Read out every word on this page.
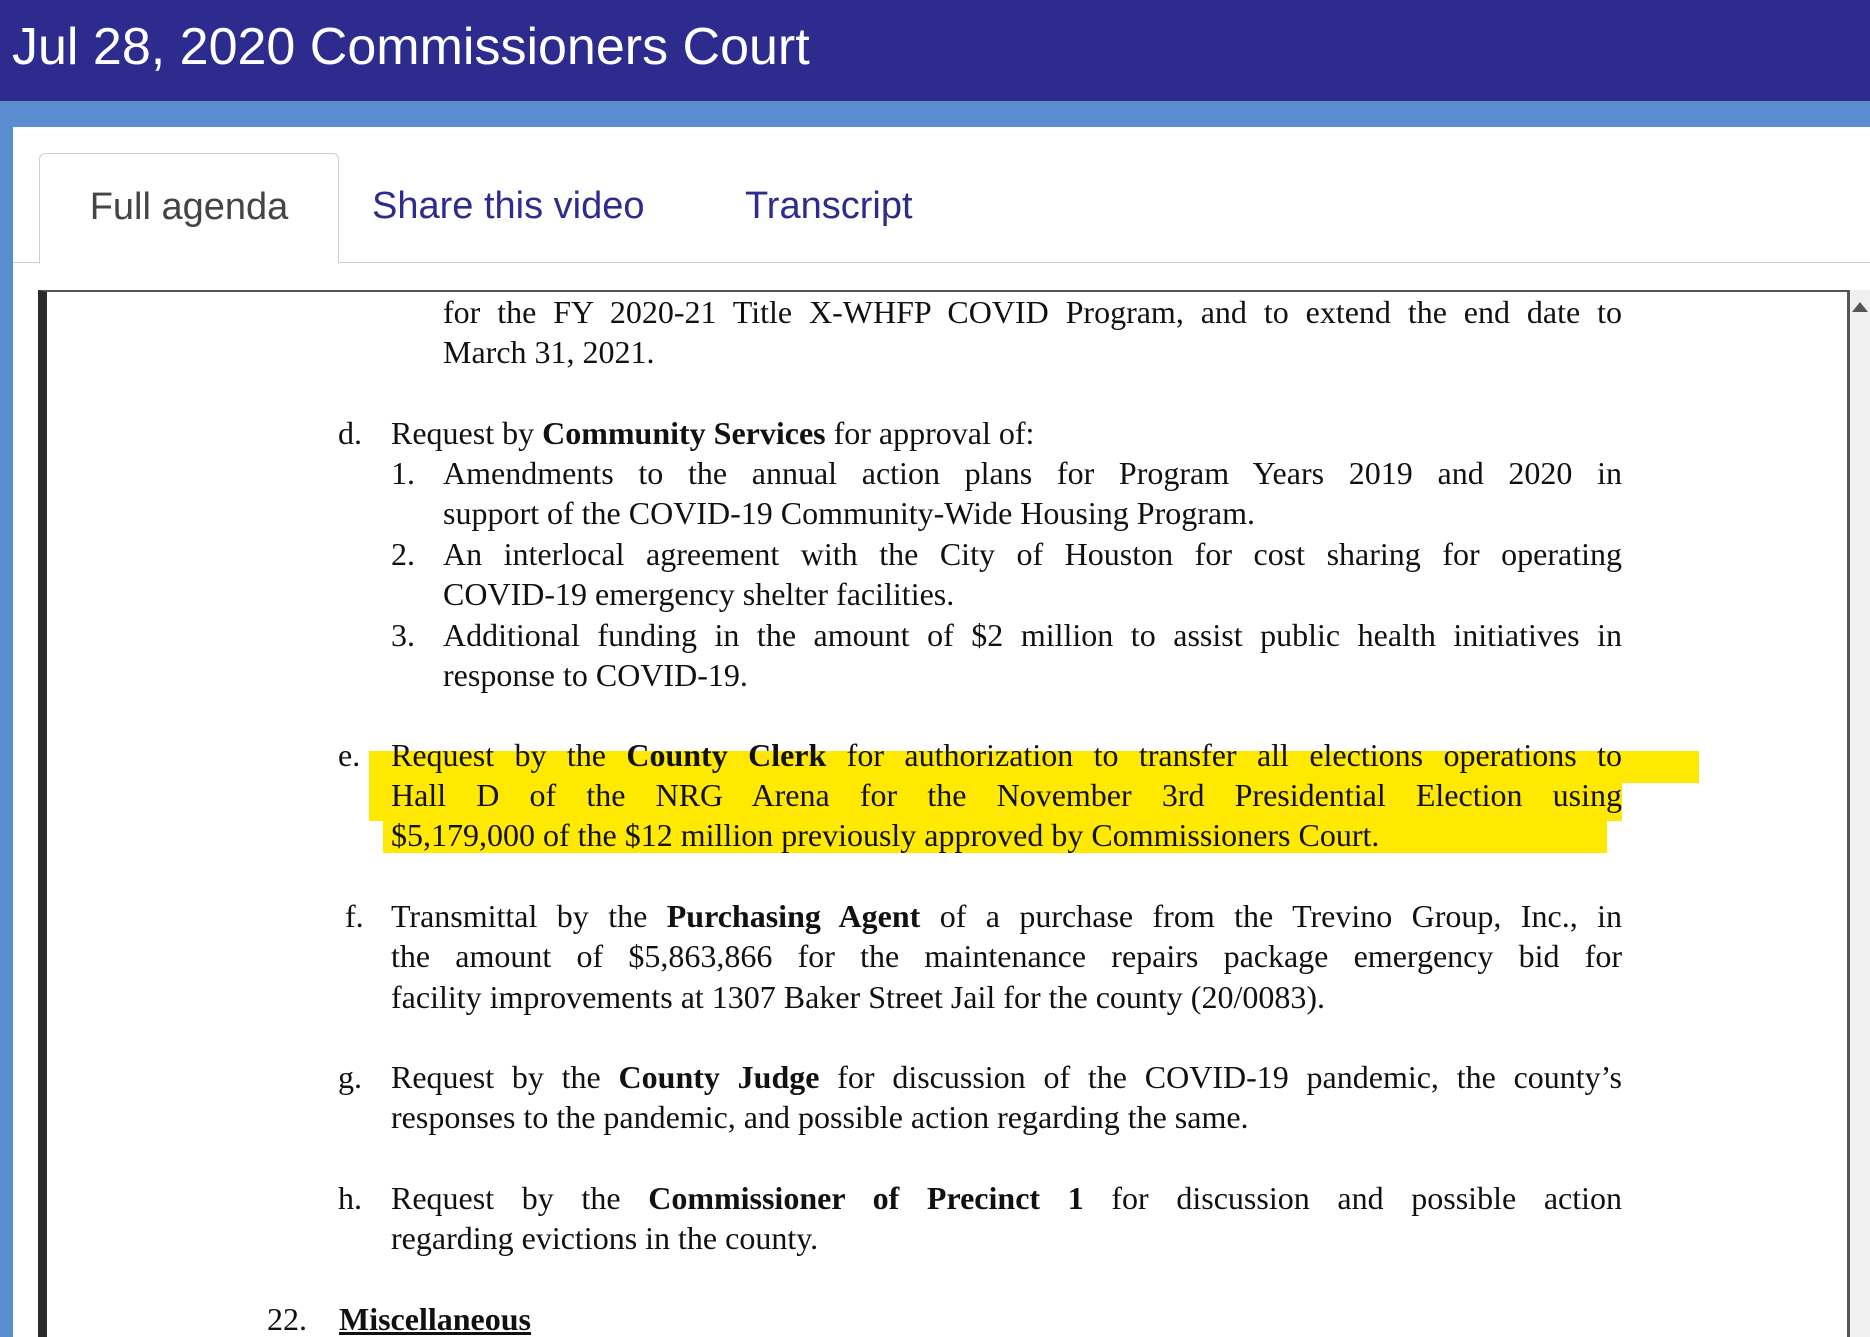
Jul 28, 2020 Commissioners Court
Full agenda	Share this video	Transcript
for the FY 2020-21 Title X-WHFP COVID Program, and to extend the end date to
March 31, 2021.
d. Request by Community Services for approval of:
1. Amendments to the annual action plans for Program Years 2019 and 2020 in
support of the COVID-19 Community-Wide Housing Program.
2. An interlocal agreement with the City of Houston for cost sharing for operating
COVID-19 emergency shelter facilities.
3. Additional funding in the amount of $2 million to assist public health initiatives in
response to COVID-19.
e. Request by the County Clerk for authorization to transfer all elections operations to
Hall D of the NRG Arena for the November 3rd Presidential Election using
$5,179,000 of the $12 million previously approved by Commissioners Court.
f. Transmittal by the Purchasing Agent of a purchase from the Trevino Group, Inc., in
the amount of $5,863,866 for the maintenance repairs package emergency bid for
facility improvements at 1307 Baker Street Jail for the county (20/0083).
g. Request by the County Judge for discussion of the COVID-19 pandemic, the county’s
responses to the pandemic, and possible action regarding the same.
h. Request by the Commissioner of Precinct 1 for discussion and possible action
regarding evictions in the county.
22. Miscellaneous
